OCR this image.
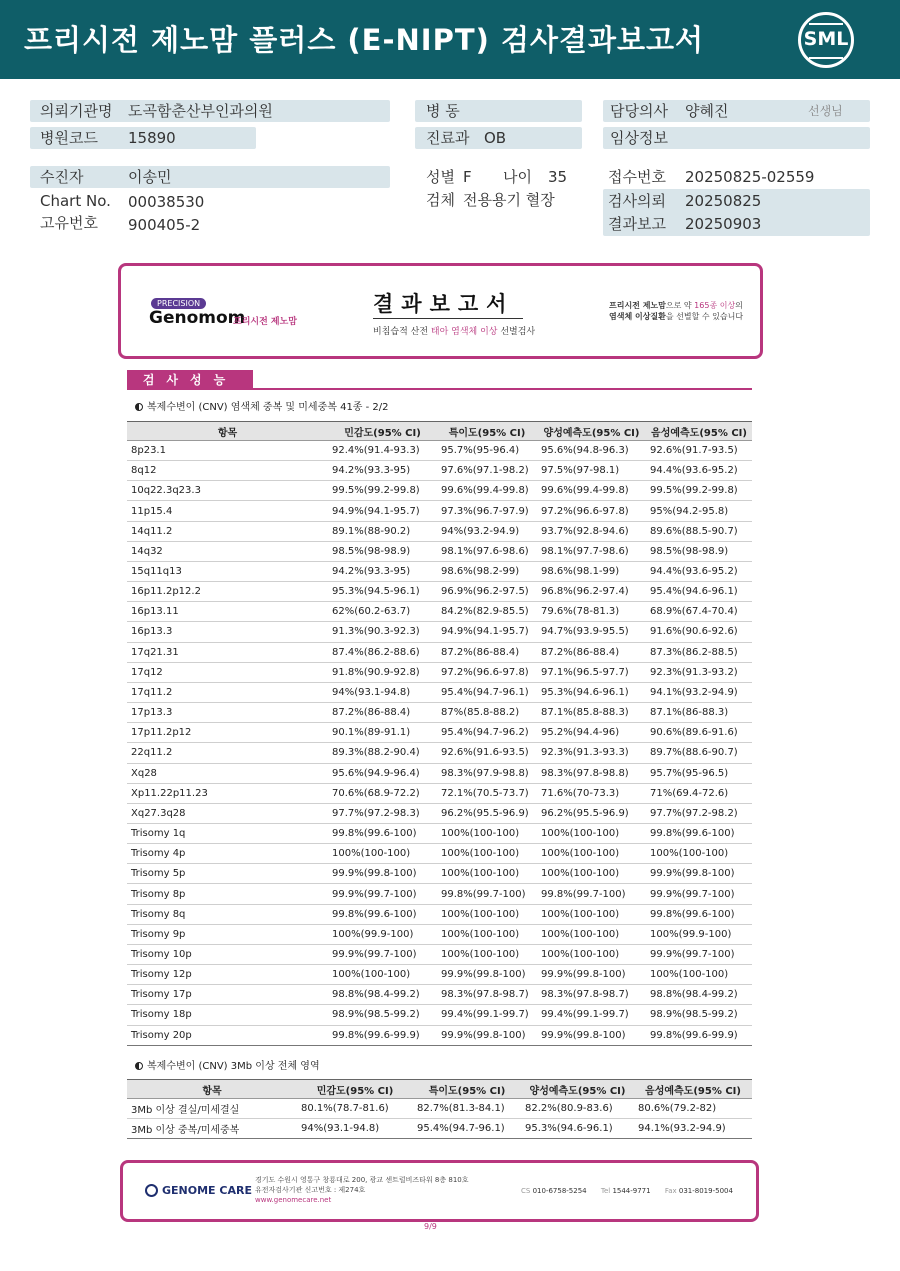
프리시전 제노맘 플러스 (E-NIPT) 검사결과보고서	SML
의뢰기관명 도곡함춘산부인과의원
병원코드 15890
병 동
진료과 OB
담당의사 양혜진	선생님
임상정보
수진자	이송민
Chart No. 00038530
고유번호 900405-2
성별 F 나이 35
검체 전용용기 혈장
접수번호 20250825-02559
검사의뢰 20250825
결과보고 20250903
PRECISION
Genomom
프리시전 제노맘
결과보고서
비침습적 산전 태아 염색체 이상 선별검사
프리시전 제노맘으로 약 165종 이상의
염색체 이상질환을 선별할 수 있습니다
검사성능
복제수변이 (CNV) 염색체 중복 및 미세중복 41종 - 2/2
항목	민감도(95% CI)	특이도(95% CI)	양성예측도(95% CI)	음성예측도(95% CI)
8p23.1	92.4%(91.4-93.3)	95.7%(95-96.4)	95.6%(94.8-96.3)	92.6%(91.7-93.5)
8q12	94.2%(93.3-95)	97.6%(97.1-98.2)	97.5%(97-98.1)	94.4%(93.6-95.2)
10q22.3q23.3	99.5%(99.2-99.8)	99.6%(99.4-99.8)	99.6%(99.4-99.8)	99.5%(99.2-99.8)
11p15.4	94.9%(94.1-95.7)	97.3%(96.7-97.9)	97.2%(96.6-97.8)	95%(94.2-95.8)
14q11.2	89.1%(88-90.2)	94%(93.2-94.9)	93.7%(92.8-94.6)	89.6%(88.5-90.7)
14q32	98.5%(98-98.9)	98.1%(97.6-98.6)	98.1%(97.7-98.6)	98.5%(98-98.9)
15q11q13	94.2%(93.3-95)	98.6%(98.2-99)	98.6%(98.1-99)	94.4%(93.6-95.2)
16p11.2p12.2	95.3%(94.5-96.1)	96.9%(96.2-97.5)	96.8%(96.2-97.4)	95.4%(94.6-96.1)
16p13.11	62%(60.2-63.7)	84.2%(82.9-85.5)	79.6%(78-81.3)	68.9%(67.4-70.4)
16p13.3	91.3%(90.3-92.3)	94.9%(94.1-95.7)	94.7%(93.9-95.5)	91.6%(90.6-92.6)
17q21.31	87.4%(86.2-88.6)	87.2%(86-88.4)	87.2%(86-88.4)	87.3%(86.2-88.5)
17q12	91.8%(90.9-92.8)	97.2%(96.6-97.8)	97.1%(96.5-97.7)	92.3%(91.3-93.2)
17q11.2	94%(93.1-94.8)	95.4%(94.7-96.1)	95.3%(94.6-96.1)	94.1%(93.2-94.9)
17p13.3	87.2%(86-88.4)	87%(85.8-88.2)	87.1%(85.8-88.3)	87.1%(86-88.3)
17p11.2p12	90.1%(89-91.1)	95.4%(94.7-96.2)	95.2%(94.4-96)	90.6%(89.6-91.6)
22q11.2	89.3%(88.2-90.4)	92.6%(91.6-93.5)	92.3%(91.3-93.3)	89.7%(88.6-90.7)
Xq28	95.6%(94.9-96.4)	98.3%(97.9-98.8)	98.3%(97.8-98.8)	95.7%(95-96.5)
Xp11.22p11.23	70.6%(68.9-72.2)	72.1%(70.5-73.7)	71.6%(70-73.3)	71%(69.4-72.6)
Xq27.3q28	97.7%(97.2-98.3)	96.2%(95.5-96.9)	96.2%(95.5-96.9)	97.7%(97.2-98.2)
Trisomy 1q	99.8%(99.6-100)	100%(100-100)	100%(100-100)	99.8%(99.6-100)
Trisomy 4p	100%(100-100)	100%(100-100)	100%(100-100)	100%(100-100)
Trisomy 5p	99.9%(99.8-100)	100%(100-100)	100%(100-100)	99.9%(99.8-100)
Trisomy 8p	99.9%(99.7-100)	99.8%(99.7-100)	99.8%(99.7-100)	99.9%(99.7-100)
Trisomy 8q	99.8%(99.6-100)	100%(100-100)	100%(100-100)	99.8%(99.6-100)
Trisomy 9p	100%(99.9-100)	100%(100-100)	100%(100-100)	100%(99.9-100)
Trisomy 10p	99.9%(99.7-100)	100%(100-100)	100%(100-100)	99.9%(99.7-100)
Trisomy 12p	100%(100-100)	99.9%(99.8-100)	99.9%(99.8-100)	100%(100-100)
Trisomy 17p	98.8%(98.4-99.2)	98.3%(97.8-98.7)	98.3%(97.8-98.7)	98.8%(98.4-99.2)
Trisomy 18p	98.9%(98.5-99.2)	99.4%(99.1-99.7)	99.4%(99.1-99.7)	98.9%(98.5-99.2)
Trisomy 20p	99.8%(99.6-99.9)	99.9%(99.8-100)	99.9%(99.8-100)	99.8%(99.6-99.9)
복제수변이 (CNV) 3Mb 이상 전체 영역
항목	민감도(95% CI)	특이도(95% CI)	양성예측도(95% CI)	음성예측도(95% CI)
3Mb 이상 결실/미세결실	80.1%(78.7-81.6)	82.7%(81.3-84.1)	82.2%(80.9-83.6)	80.6%(79.2-82)
3Mb 이상 중복/미세중복	94%(93.1-94.8)	95.4%(94.7-96.1)	95.3%(94.6-96.1)	94.1%(93.2-94.9)
GENOME CARE
경기도 수원시 영통구 창룡대로 200, 광교 센트럴비즈타워 8층 810호
유전자검사기관 신고번호 : 제274호
www.genomecare.net
CS 010-6758-5254 Tel 1544-9771 Fax 031-8019-5004
9/9
